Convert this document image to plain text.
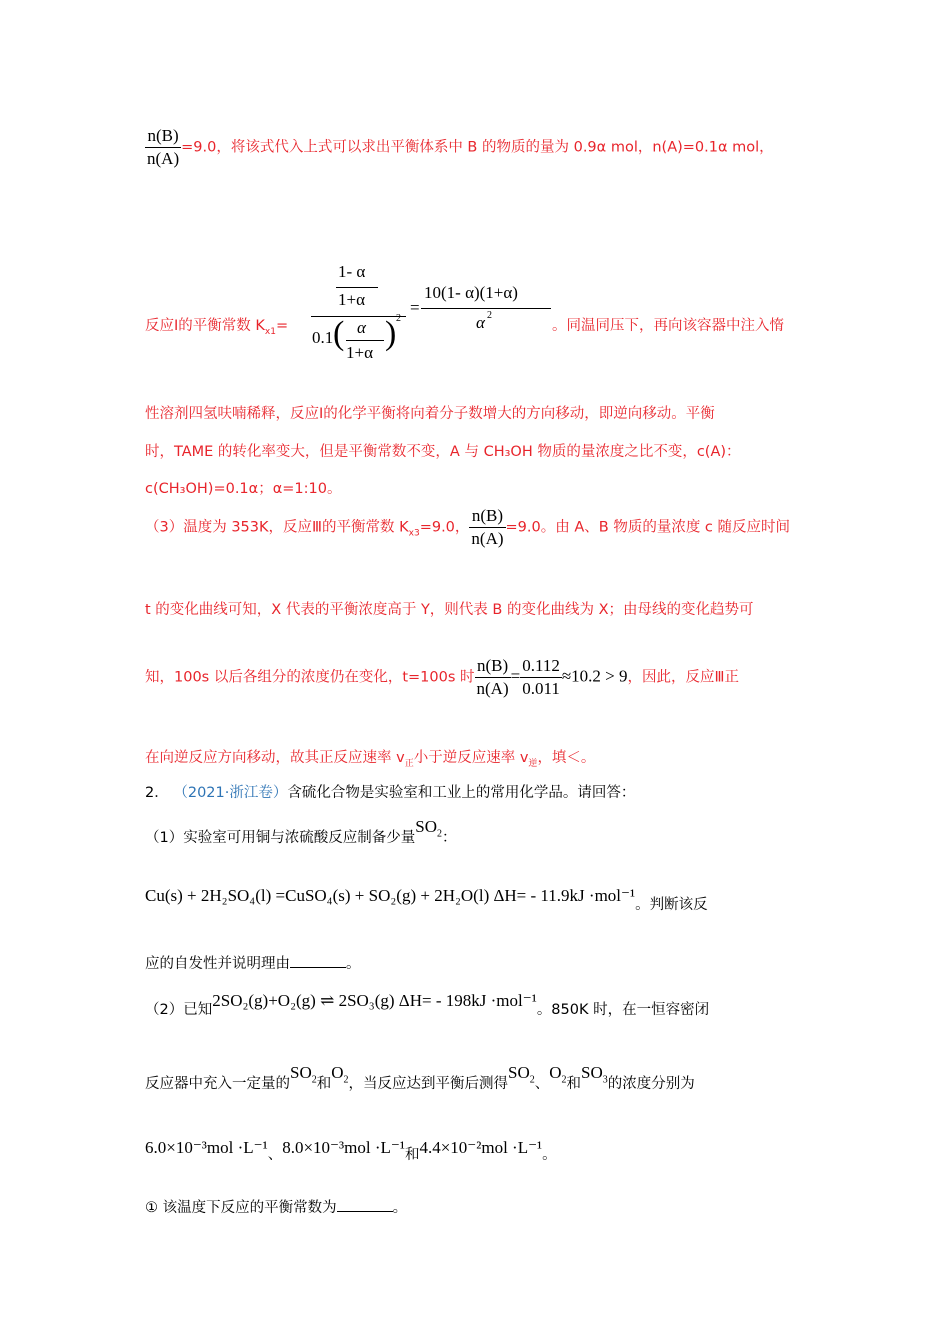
$\frac{n(B)}{n(A)} =9.0$，将该式代入上式可以求出平衡体系中 B 的物质的量为 0.9α mol，n(A)=0.1α mol，
反应Ⅰ的平衡常数 $K_{x1}=$
1- α
1+α
0.1 ( α
1+α
) 2
=
10(1- α)(1+α)
α 2
。同温同压下，再向该容器中注入惰
性溶剂四氢呋喃稀释，反应Ⅰ的化学平衡将向着分子数增大的方向移动，即逆向移动。平衡
时，TAME 的转化率变大，但是平衡常数不变，A 与 CH₃OH 物质的量浓度之比不变，c(A)：
c(CH₃OH)=0.1α；α=1:10。
（3）温度为 353K，反应Ⅲ的平衡常数 $K_{x3}=9.0$， $\frac{n(B)}{n(A)} =9.0$。由 A、B 物质的量浓度 c 随反应时间
t 的变化曲线可知，X 代表的平衡浓度高于 Y，则代表 B 的变化曲线为 X；由母线的变化趋势可
知，100s 以后各组分的浓度仍在变化，t=100s 时 $\frac{n(B)}{n(A)} = \frac{0.112}{0.011} \approx 10.2 > 9$，因此，反应Ⅲ正
在向逆反应方向移动，故其正反应速率 $v_正$小于逆反应速率 $v_逆$，填＜。
2． （2021·浙江卷）含硫化合物是实验室和工业上的常用化学品。请回答：
（1）实验室可用铜与浓硫酸反应制备少量$SO_2$：
Cu(s) + 2H₂SO₄(l) =CuSO₄(s) + SO₂(g) + 2H₂O(l) ΔH= - 11.9kJ ·mol⁻¹。判断该反
应的自发性并说明理由	。
（2）已知2SO₂(g)+O₂(g) ⇌ 2SO₃(g) ΔH= - 198kJ ·mol⁻¹。850K 时，在一恒容密闭
反应器中充入一定量的$SO_2$和$O_2$，当反应达到平衡后测得$SO_2$、$O_2$和$SO_3$的浓度分别为
6.0×10⁻³mol ·L⁻¹、8.0×10⁻³mol ·L⁻¹和4.4×10⁻²mol ·L⁻¹。
① 该温度下反应的平衡常数为	。
